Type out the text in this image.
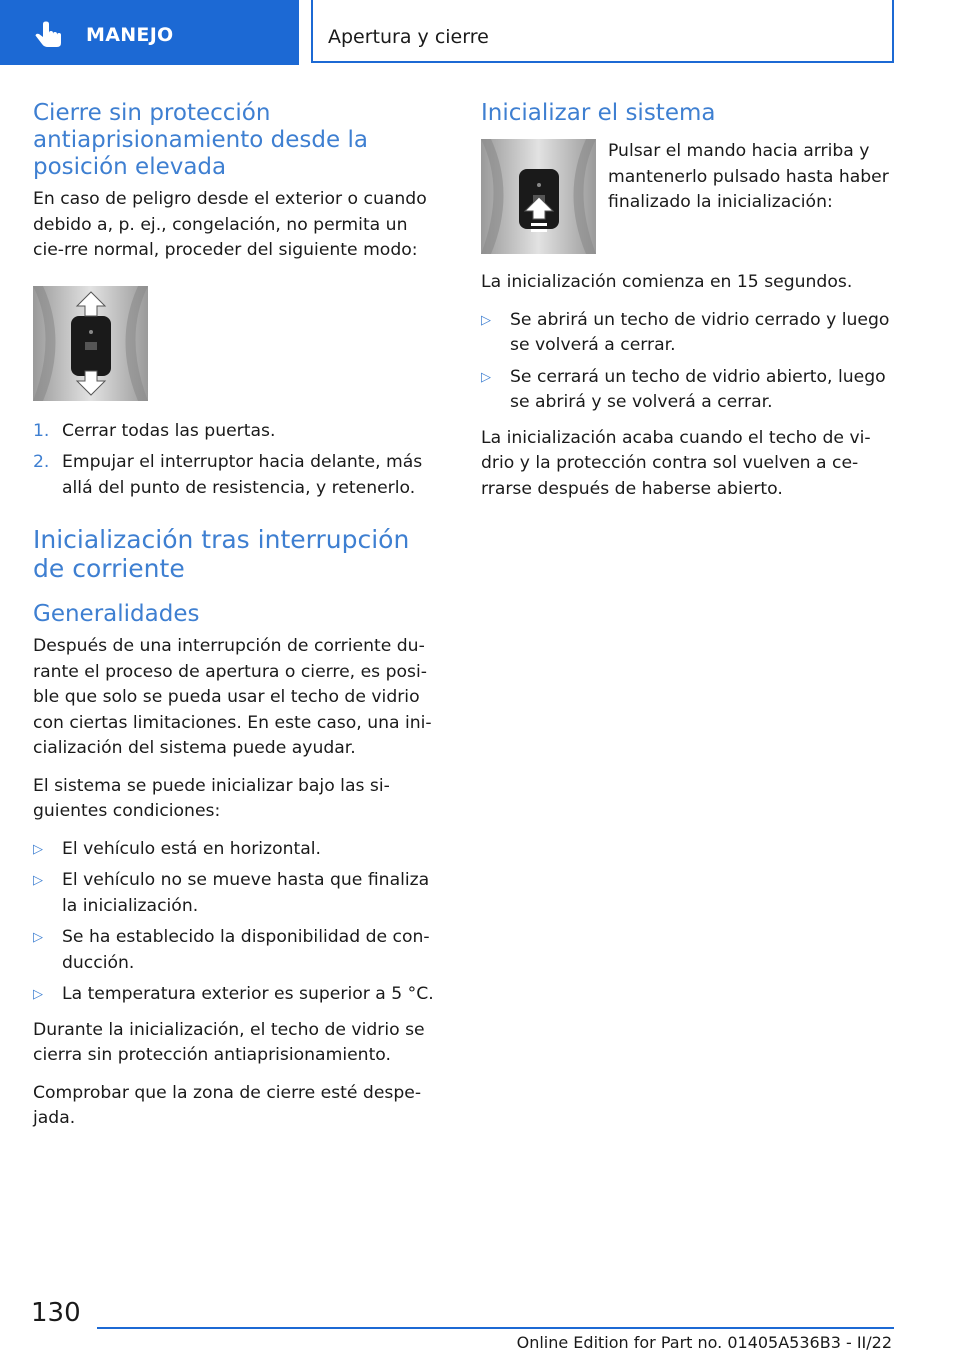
MANEJO	Apertura y cierre
Cierre sin protección antiaprisionamiento desde la posición elevada

En caso de peligro desde el exterior o cuando debido a, p. ej., congelación, no permita un cie-rre normal, proceder del siguiente modo:

1. Cerrar todas las puertas.
2. Empujar el interruptor hacia delante, más allá del punto de resistencia, y retenerlo.
Inicialización tras interrupción de corriente
Generalidades

Después de una interrupción de corriente du-rante el proceso de apertura o cierre, es posi-ble que solo se pueda usar el techo de vidrio con ciertas limitaciones. En este caso, una ini-cialización del sistema puede ayudar.

El sistema se puede inicializar bajo las si-guientes condiciones:

▷ El vehículo está en horizontal.
▷ El vehículo no se mueve hasta que finaliza la inicialización.
▷ Se ha establecido la disponibilidad de con-ducción.
▷ La temperatura exterior es superior a 5 °C.

Durante la inicialización, el techo de vidrio se cierra sin protección antiaprisionamiento.

Comprobar que la zona de cierre esté despe-jada.

Inicializar el sistema

Pulsar el mando hacia arriba y mantenerlo pulsado hasta haber finalizado la inicialización:

La inicialización comienza en 15 segundos.

▷ Se abrirá un techo de vidrio cerrado y luego se volverá a cerrar.
▷ Se cerrará un techo de vidrio abierto, luego se abrirá y se volverá a cerrar.

La inicialización acaba cuando el techo de vi-drio y la protección contra sol vuelven a ce-rrarse después de haberse abierto.

130
Online Edition for Part no. 01405A536B3 - II/22
